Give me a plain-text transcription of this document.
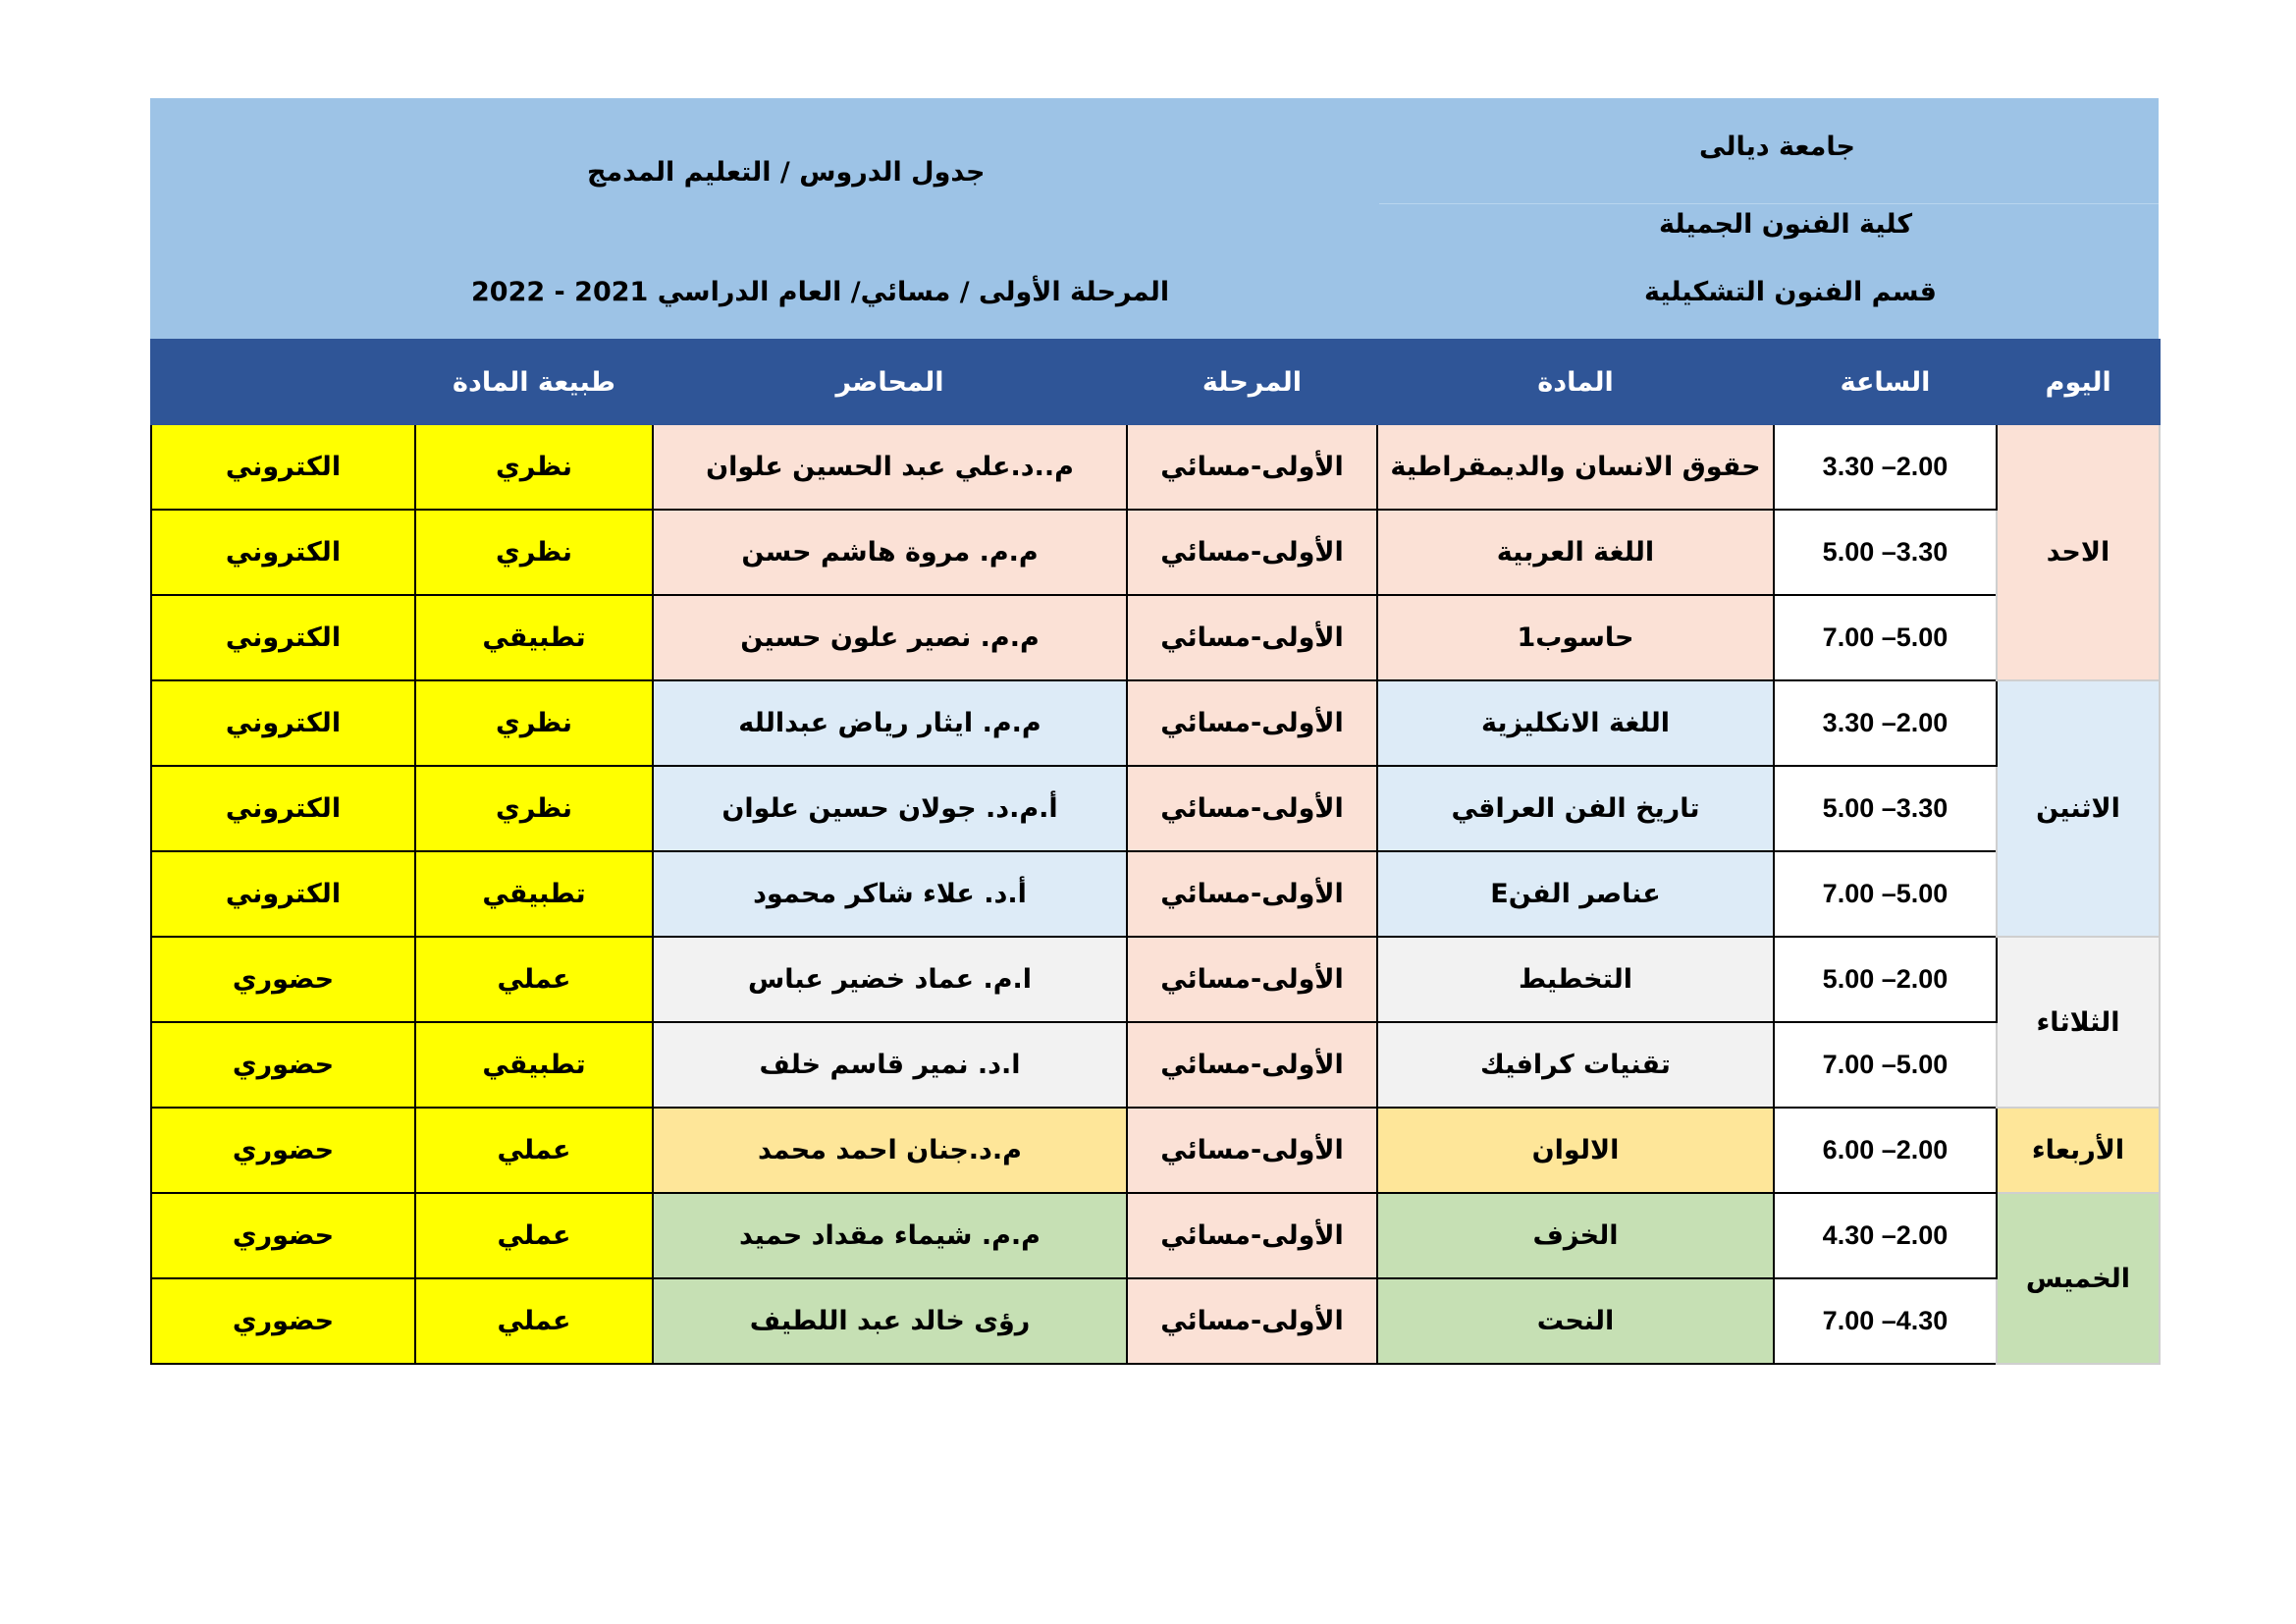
جامعة ديالى
كلية الفنون الجميلة
قسم الفنون التشكيلية
جدول الدروس / التعليم المدمج
المرحلة الأولى / مسائي/ العام الدراسي 2021 - 2022
	طبيعة المادة	المحاضر	المرحلة	المادة	الساعة	اليوم
الكتروني	نظري	م..د.علي عبد الحسين علوان	الأولى-مسائي	حقوق الانسان والديمقراطية	2.00– 3.30	الاحد
الكتروني	نظري	م.م. مروة هاشم حسن	الأولى-مسائي	اللغة العربية	3.30– 5.00	
الكتروني	تطبيقي	م.م. نصير علون حسين	الأولى-مسائي	حاسوب1	5.00– 7.00	
الكتروني	نظري	م.م. ايثار رياض عبدالله	الأولى-مسائي	اللغة الانكليزية	2.00– 3.30	الاثنين
الكتروني	نظري	أ.م.د. جولان حسين علوان	الأولى-مسائي	تاريخ الفن العراقي	3.30– 5.00	
الكتروني	تطبيقي	أ.د. علاء شاكر محمود	الأولى-مسائي	عناصر الفنE	5.00– 7.00	
حضوري	عملي	ا.م. عماد خضير عباس	الأولى-مسائي	التخطيط	2.00– 5.00	الثلاثاء
حضوري	تطبيقي	ا.د. نمير قاسم خلف	الأولى-مسائي	تقنيات كرافيك	5.00– 7.00	
حضوري	عملي	م.د.جنان احمد محمد	الأولى-مسائي	الالوان	2.00– 6.00	الأربعاء
حضوري	عملي	م.م. شيماء مقداد حميد	الأولى-مسائي	الخزف	2.00– 4.30	الخميس
حضوري	عملي	رؤى خالد عبد اللطيف	الأولى-مسائي	النحت	4.30– 7.00	
